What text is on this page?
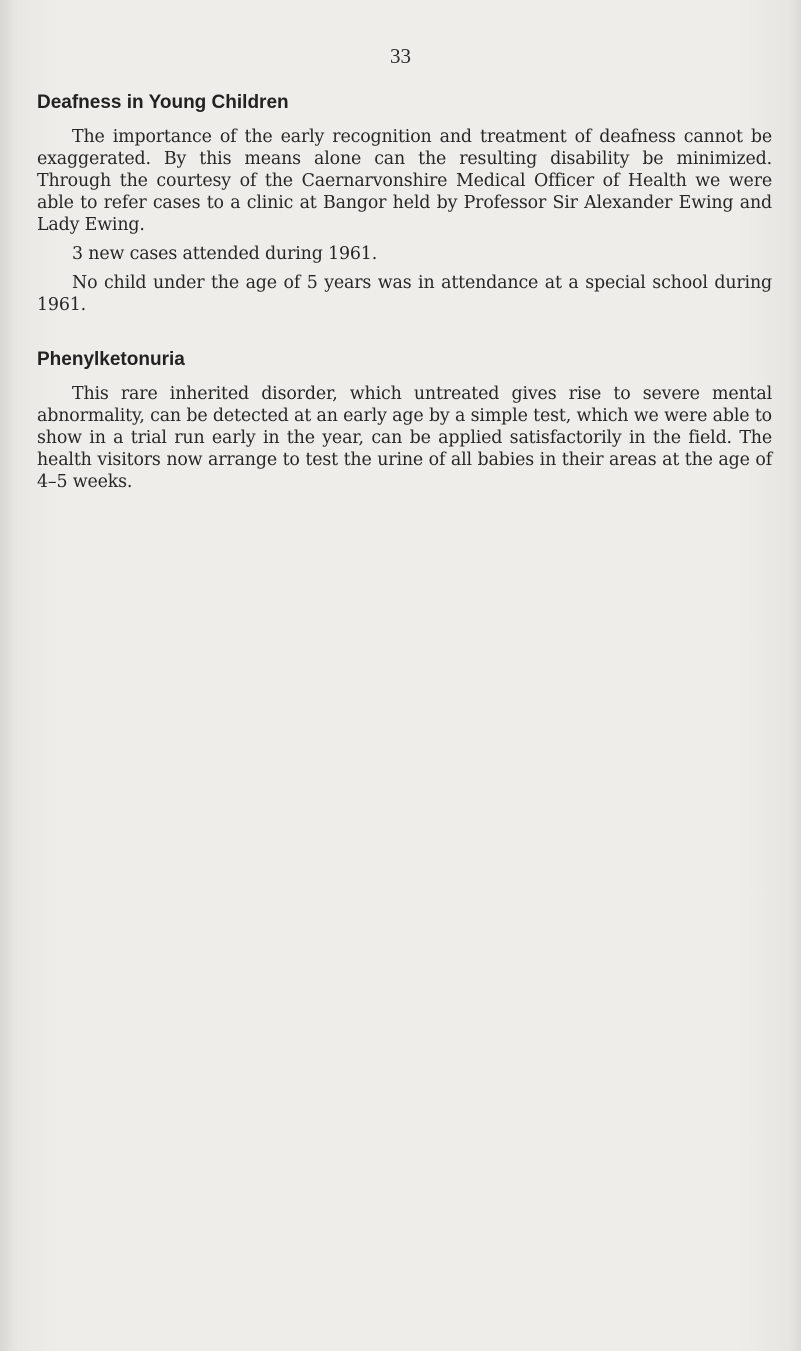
33
Deafness in Young Children

The importance of the early recognition and treatment of deafness cannot be exaggerated. By this means alone can the resulting disability be minimized. Through the courtesy of the Caernarvonshire Medical Officer of Health we were able to refer cases to a clinic at Bangor held by Professor Sir Alexander Ewing and Lady Ewing.

3 new cases attended during 1961.

No child under the age of 5 years was in attendance at a special school during 1961.

Phenylketonuria

This rare inherited disorder, which untreated gives rise to severe mental abnormality, can be detected at an early age by a simple test, which we were able to show in a trial run early in the year, can be applied satisfactorily in the field. The health visitors now arrange to test the urine of all babies in their areas at the age of 4–5 weeks.
